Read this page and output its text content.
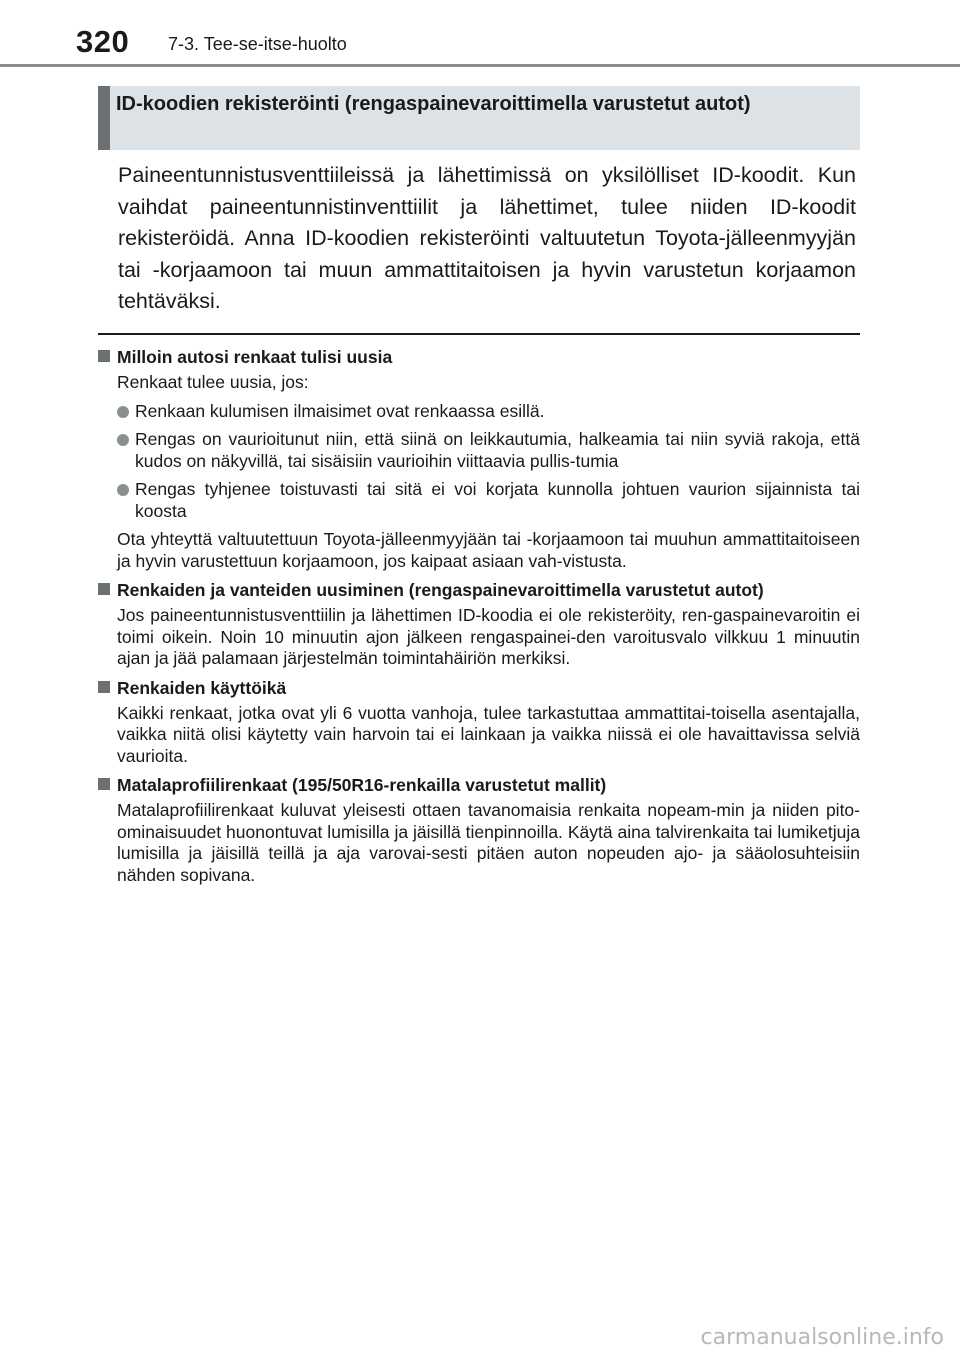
320 7-3. Tee-se-itse-huolto
ID-koodien rekisteröinti (rengaspainevaroittimella varustetut autot)

Paineentunnistusventtiileissä ja lähettimissä on yksilölliset ID-koodit. Kun vaihdat paineentunnistinventtiilit ja lähettimet, tulee niiden ID-koodit rekisteröidä. Anna ID-koodien rekisteröinti valtuutetun Toyota-jälleenmyyjän tai -korjaamoon tai muun ammattitaitoisen ja hyvin varustetun korjaamon tehtäväksi.

Milloin autosi renkaat tulisi uusia

Renkaat tulee uusia, jos:

Renkaan kulumisen ilmaisimet ovat renkaassa esillä.
Rengas on vaurioitunut niin, että siinä on leikkautumia, halkeamia tai niin syviä rakoja, että kudos on näkyvillä, tai sisäisiin vaurioihin viittaavia pullis-tumia
Rengas tyhjenee toistuvasti tai sitä ei voi korjata kunnolla johtuen vaurion sijainnista tai koosta

Ota yhteyttä valtuutettuun Toyota-jälleenmyyjään tai -korjaamoon tai muuhun ammattitaitoiseen ja hyvin varustettuun korjaamoon, jos kaipaat asiaan vah-vistusta.

Renkaiden ja vanteiden uusiminen (rengaspainevaroittimella varustetut autot)

Jos paineentunnistusventtiilin ja lähettimen ID-koodia ei ole rekisteröity, ren-gaspainevaroitin ei toimi oikein. Noin 10 minuutin ajon jälkeen rengaspainei-den varoitusvalo vilkkuu 1 minuutin ajan ja jää palamaan järjestelmän toimintahäiriön merkiksi.

Renkaiden käyttöikä

Kaikki renkaat, jotka ovat yli 6 vuotta vanhoja, tulee tarkastuttaa ammattitai-toisella asentajalla, vaikka niitä olisi käytetty vain harvoin tai ei lainkaan ja vaikka niissä ei ole havaittavissa selviä vaurioita.

Matalaprofiilirenkaat (195/50R16-renkailla varustetut mallit)

Matalaprofiilirenkaat kuluvat yleisesti ottaen tavanomaisia renkaita nopeam-min ja niiden pito-ominaisuudet huonontuvat lumisilla ja jäisillä tienpinnoilla. Käytä aina talvirenkaita tai lumiketjuja lumisilla ja jäisillä teillä ja aja varovai-sesti pitäen auton nopeuden ajo- ja sääolosuhteisiin nähden sopivana.

carmanualsonline.info
